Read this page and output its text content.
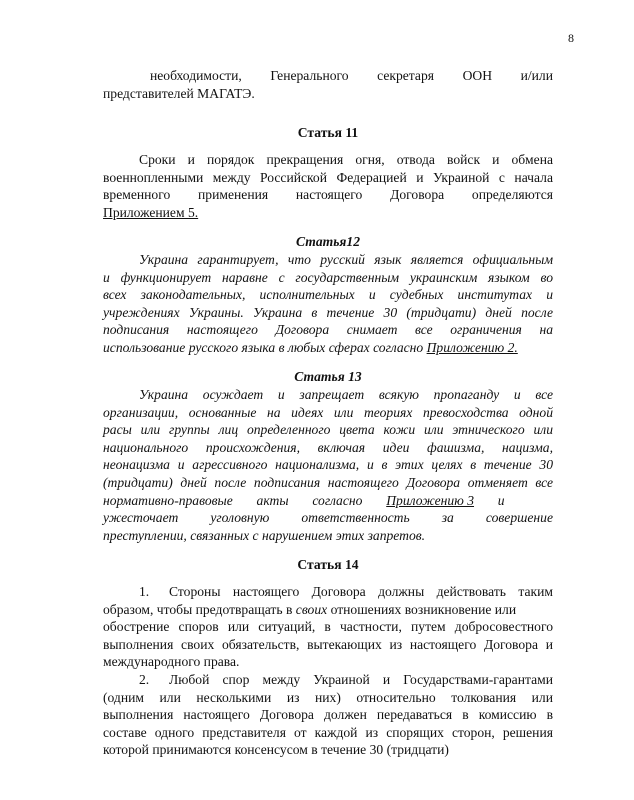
8
необходимости, Генерального секретаря ООН и/или
представителей МАГАТЭ.
Статья 11
Сроки и порядок прекращения огня, отвода войск и обмена
военнопленными между Российской Федерацией и Украиной с начала
временного применения настоящего Договора определяются
Приложением 5.
Статья12
Украина гарантирует, что русский язык является официальным
и функционирует наравне с государственным украинским языком во
всех законодательных, исполнительных и судебных институтах и
учреждениях Украины. Украина в течение 30 (тридцати) дней после
подписания настоящего Договора снимает все ограничения на
использование русского языка в любых сферах согласно Приложению 2.
Статья 13
Украина осуждает и запрещает всякую пропаганду и все
организации, основанные на идеях или теориях превосходства одной
расы или группы лиц определенного цвета кожи или этнического или
национального происхождения, включая идеи фашизма, нацизма,
неонацизма и агрессивного национализма, и в этих целях в течение 30
(тридцати) дней после подписания настоящего Договора отменяет все
нормативно-правовые       акты       согласно       Приложению 3       и
ужесточает уголовную ответственность за совершение
преступлении, связанных с нарушением этих запретов.
Статья 14
1. Стороны настоящего Договора должны действовать таким
образом, чтобы предотвращать в своих отношениях возникновение или
обострение споров или ситуаций, в частности, путем добросовестного
выполнения своих обязательств, вытекающих из настоящего Договора и
международного права.
2. Любой спор между Украиной и Государствами-гарантами
(одним или несколькими из них) относительно толкования или
выполнения настоящего Договора должен передаваться в комиссию в
составе одного представителя от каждой из спорящих сторон, решения
которой принимаются консенсусом в течение 30 (тридцати)
